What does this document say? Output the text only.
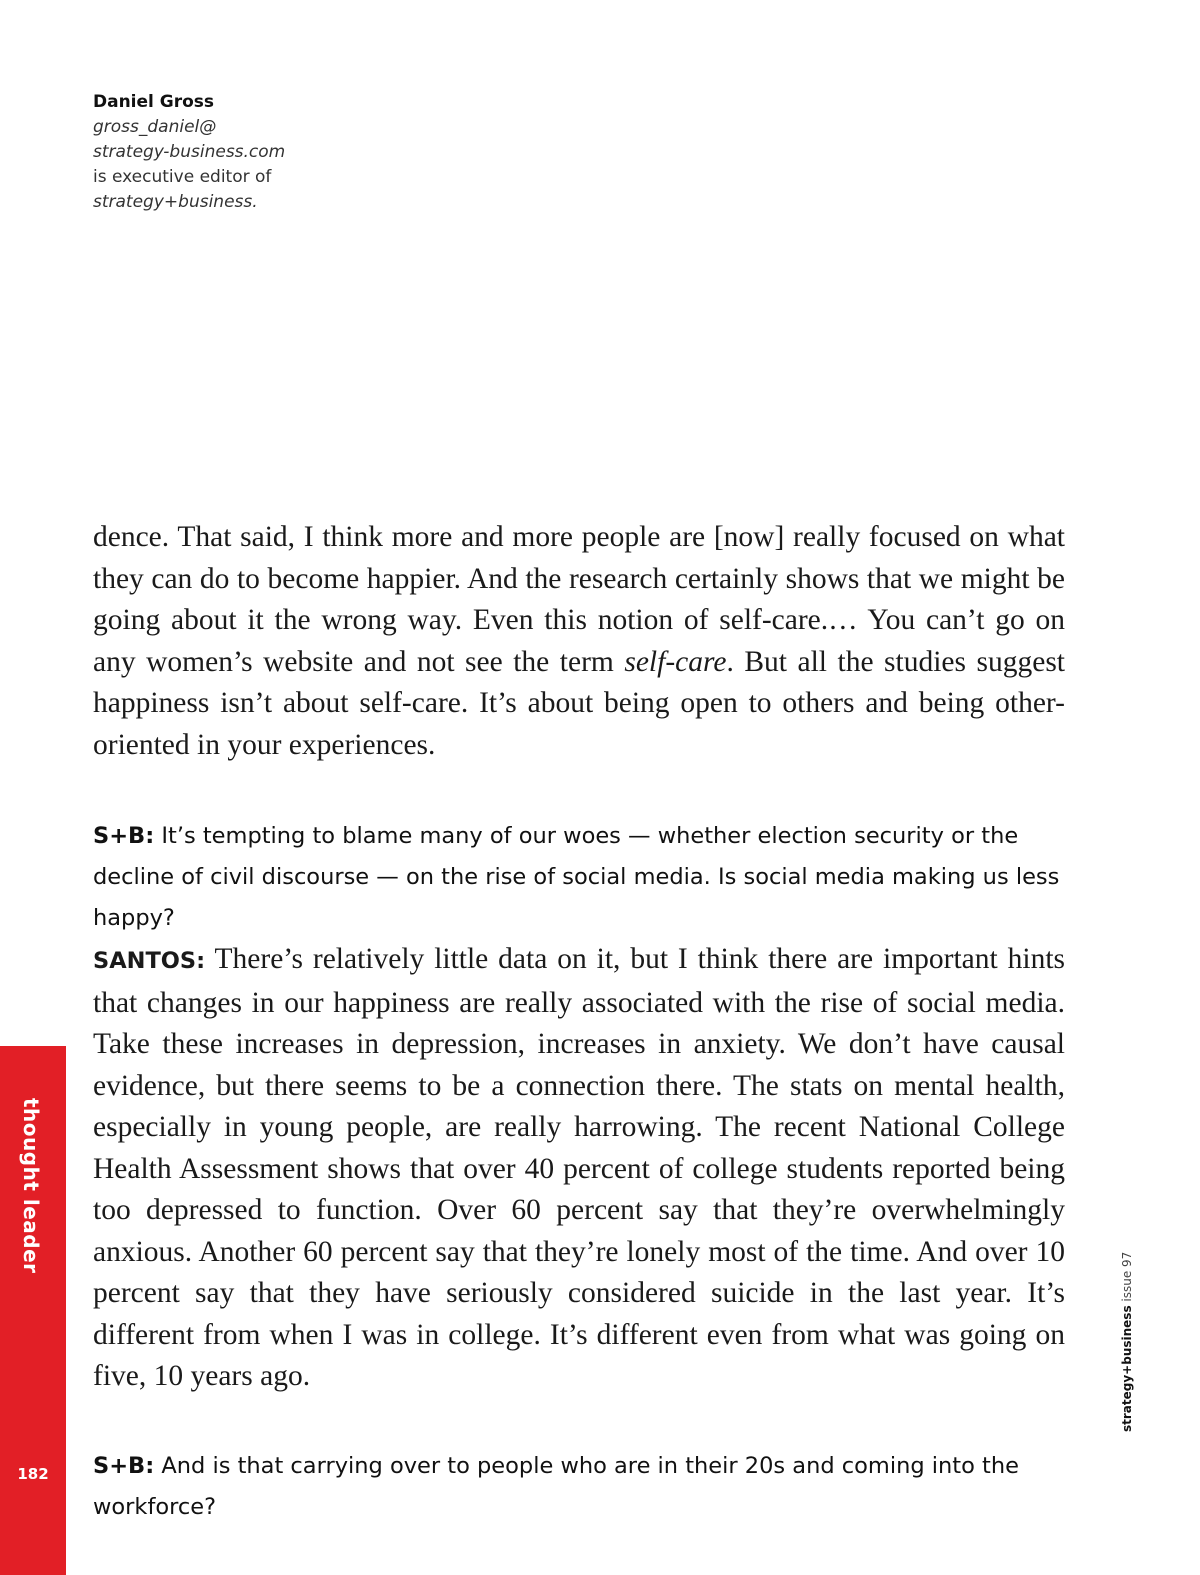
Daniel Gross
gross_daniel@
strategy-business.com
is executive editor of
strategy+business.

dence. That said, I think more and more people are [now] really focused on what they can do to become happier. And the research certainly shows that we might be going about it the wrong way. Even this notion of self-care.… You can’t go on any women’s website and not see the term self-care. But all the studies suggest happiness isn’t about self-care. It’s about being open to others and being other-oriented in your experiences.

S+B: It’s tempting to blame many of our woes — whether election security or the decline of civil discourse — on the rise of social media. Is social media making us less happy?

SANTOS: There’s relatively little data on it, but I think there are important hints that changes in our happiness are really associated with the rise of social media. Take these increases in depression, increases in anxiety. We don’t have causal evidence, but there seems to be a connection there. The stats on mental health, especially in young people, are really harrowing. The recent National College Health Assessment shows that over 40 percent of college students reported being too depressed to function. Over 60 percent say that they’re overwhelmingly anxious. Another 60 percent say that they’re lonely most of the time. And over 10 percent say that they have seriously considered suicide in the last year. It’s different from when I was in college. It’s different even from what was going on five, 10 years ago.

S+B: And is that carrying over to people who are in their 20s and coming into the workforce?

thought leader
182
strategy+business issue 97
